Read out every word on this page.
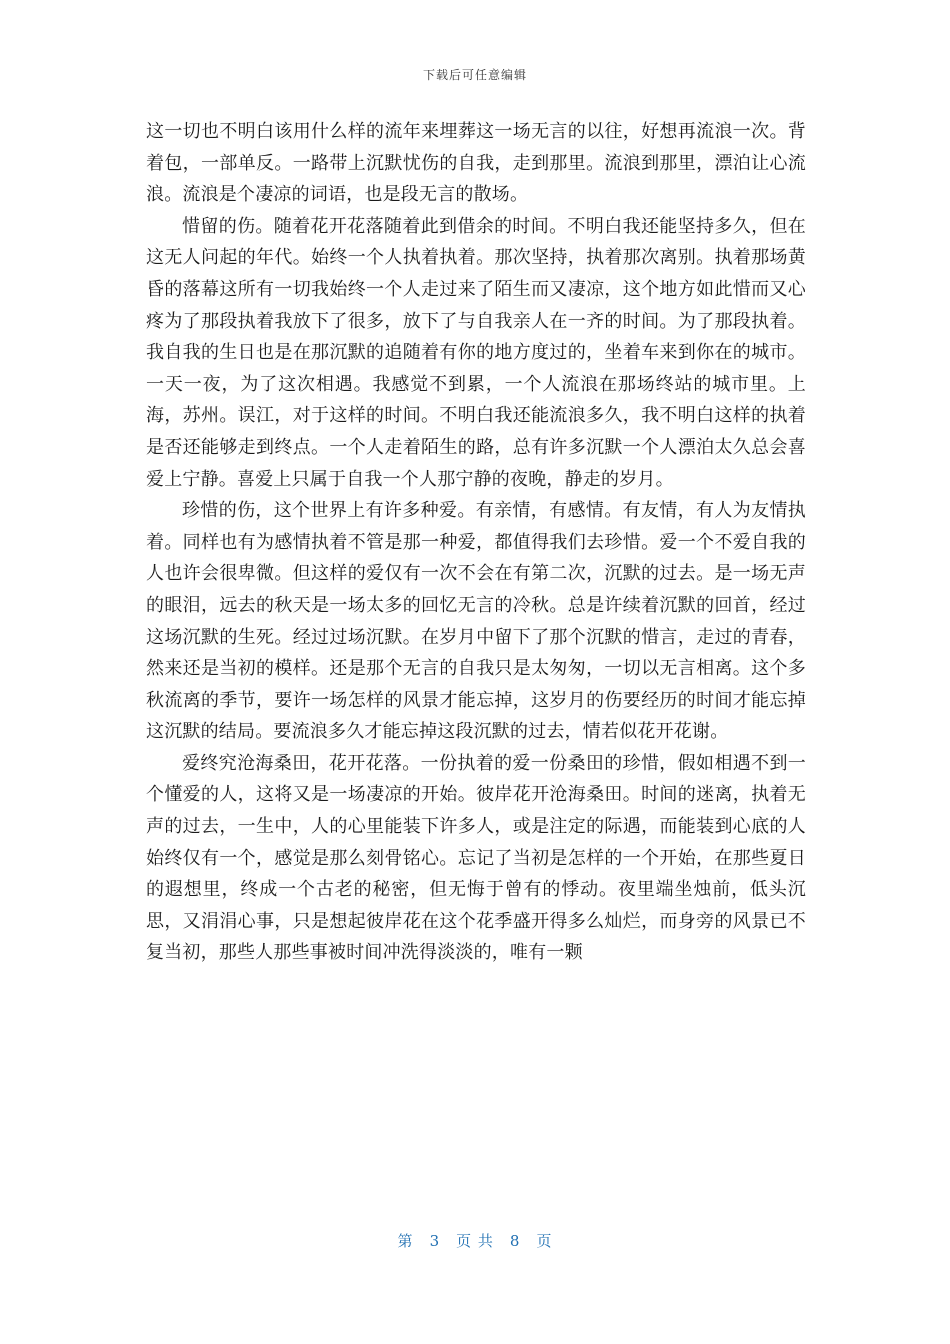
下载后可任意编辑

这一切也不明白该用什么样的流年来埋葬这一场无言的以往，好想再流浪一次。背着包，一部单反。一路带上沉默忧伤的自我，走到那里。流浪到那里，漂泊让心流浪。流浪是个凄凉的词语，也是段无言的散场。

惜留的伤。随着花开花落随着此到借余的时间。不明白我还能坚持多久，但在这无人问起的年代。始终一个人执着执着。那次坚持，执着那次离别。执着那场黄昏的落幕这所有一切我始终一个人走过来了陌生而又凄凉，这个地方如此惜而又心疼为了那段执着我放下了很多，放下了与自我亲人在一齐的时间。为了那段执着。我自我的生日也是在那沉默的追随着有你的地方度过的，坐着车来到你在的城市。一天一夜，为了这次相遇。我感觉不到累，一个人流浪在那场终站的城市里。上海，苏州。误江，对于这样的时间。不明白我还能流浪多久，我不明白这样的执着是否还能够走到终点。一个人走着陌生的路，总有许多沉默一个人漂泊太久总会喜爱上宁静。喜爱上只属于自我一个人那宁静的夜晚，静走的岁月。

珍惜的伤，这个世界上有许多种爱。有亲情，有感情。有友情，有人为友情执着。同样也有为感情执着不管是那一种爱，都值得我们去珍惜。爱一个不爱自我的人也许会很卑微。但这样的爱仅有一次不会在有第二次，沉默的过去。是一场无声的眼泪，远去的秋天是一场太多的回忆无言的冷秋。总是许续着沉默的回首，经过这场沉默的生死。经过过场沉默。在岁月中留下了那个沉默的惜言，走过的青春，然来还是当初的模样。还是那个无言的自我只是太匆匆，一切以无言相离。这个多秋流离的季节，要许一场怎样的风景才能忘掉，这岁月的伤要经历的时间才能忘掉这沉默的结局。要流浪多久才能忘掉这段沉默的过去，情若似花开花谢。

爱终究沧海桑田，花开花落。一份执着的爱一份桑田的珍惜，假如相遇不到一个懂爱的人，这将又是一场凄凉的开始。彼岸花开沧海桑田。时间的迷离，执着无声的过去，一生中，人的心里能装下许多人，或是注定的际遇，而能装到心底的人始终仅有一个，感觉是那么刻骨铭心。忘记了当初是怎样的一个开始，在那些夏日的遐想里，终成一个古老的秘密，但无悔于曾有的悸动。夜里端坐烛前，低头沉思，又涓涓心事，只是想起彼岸花在这个花季盛开得多么灿烂，而身旁的风景已不复当初，那些人那些事被时间冲洗得淡淡的，唯有一颗

第 3 页 共 8 页
